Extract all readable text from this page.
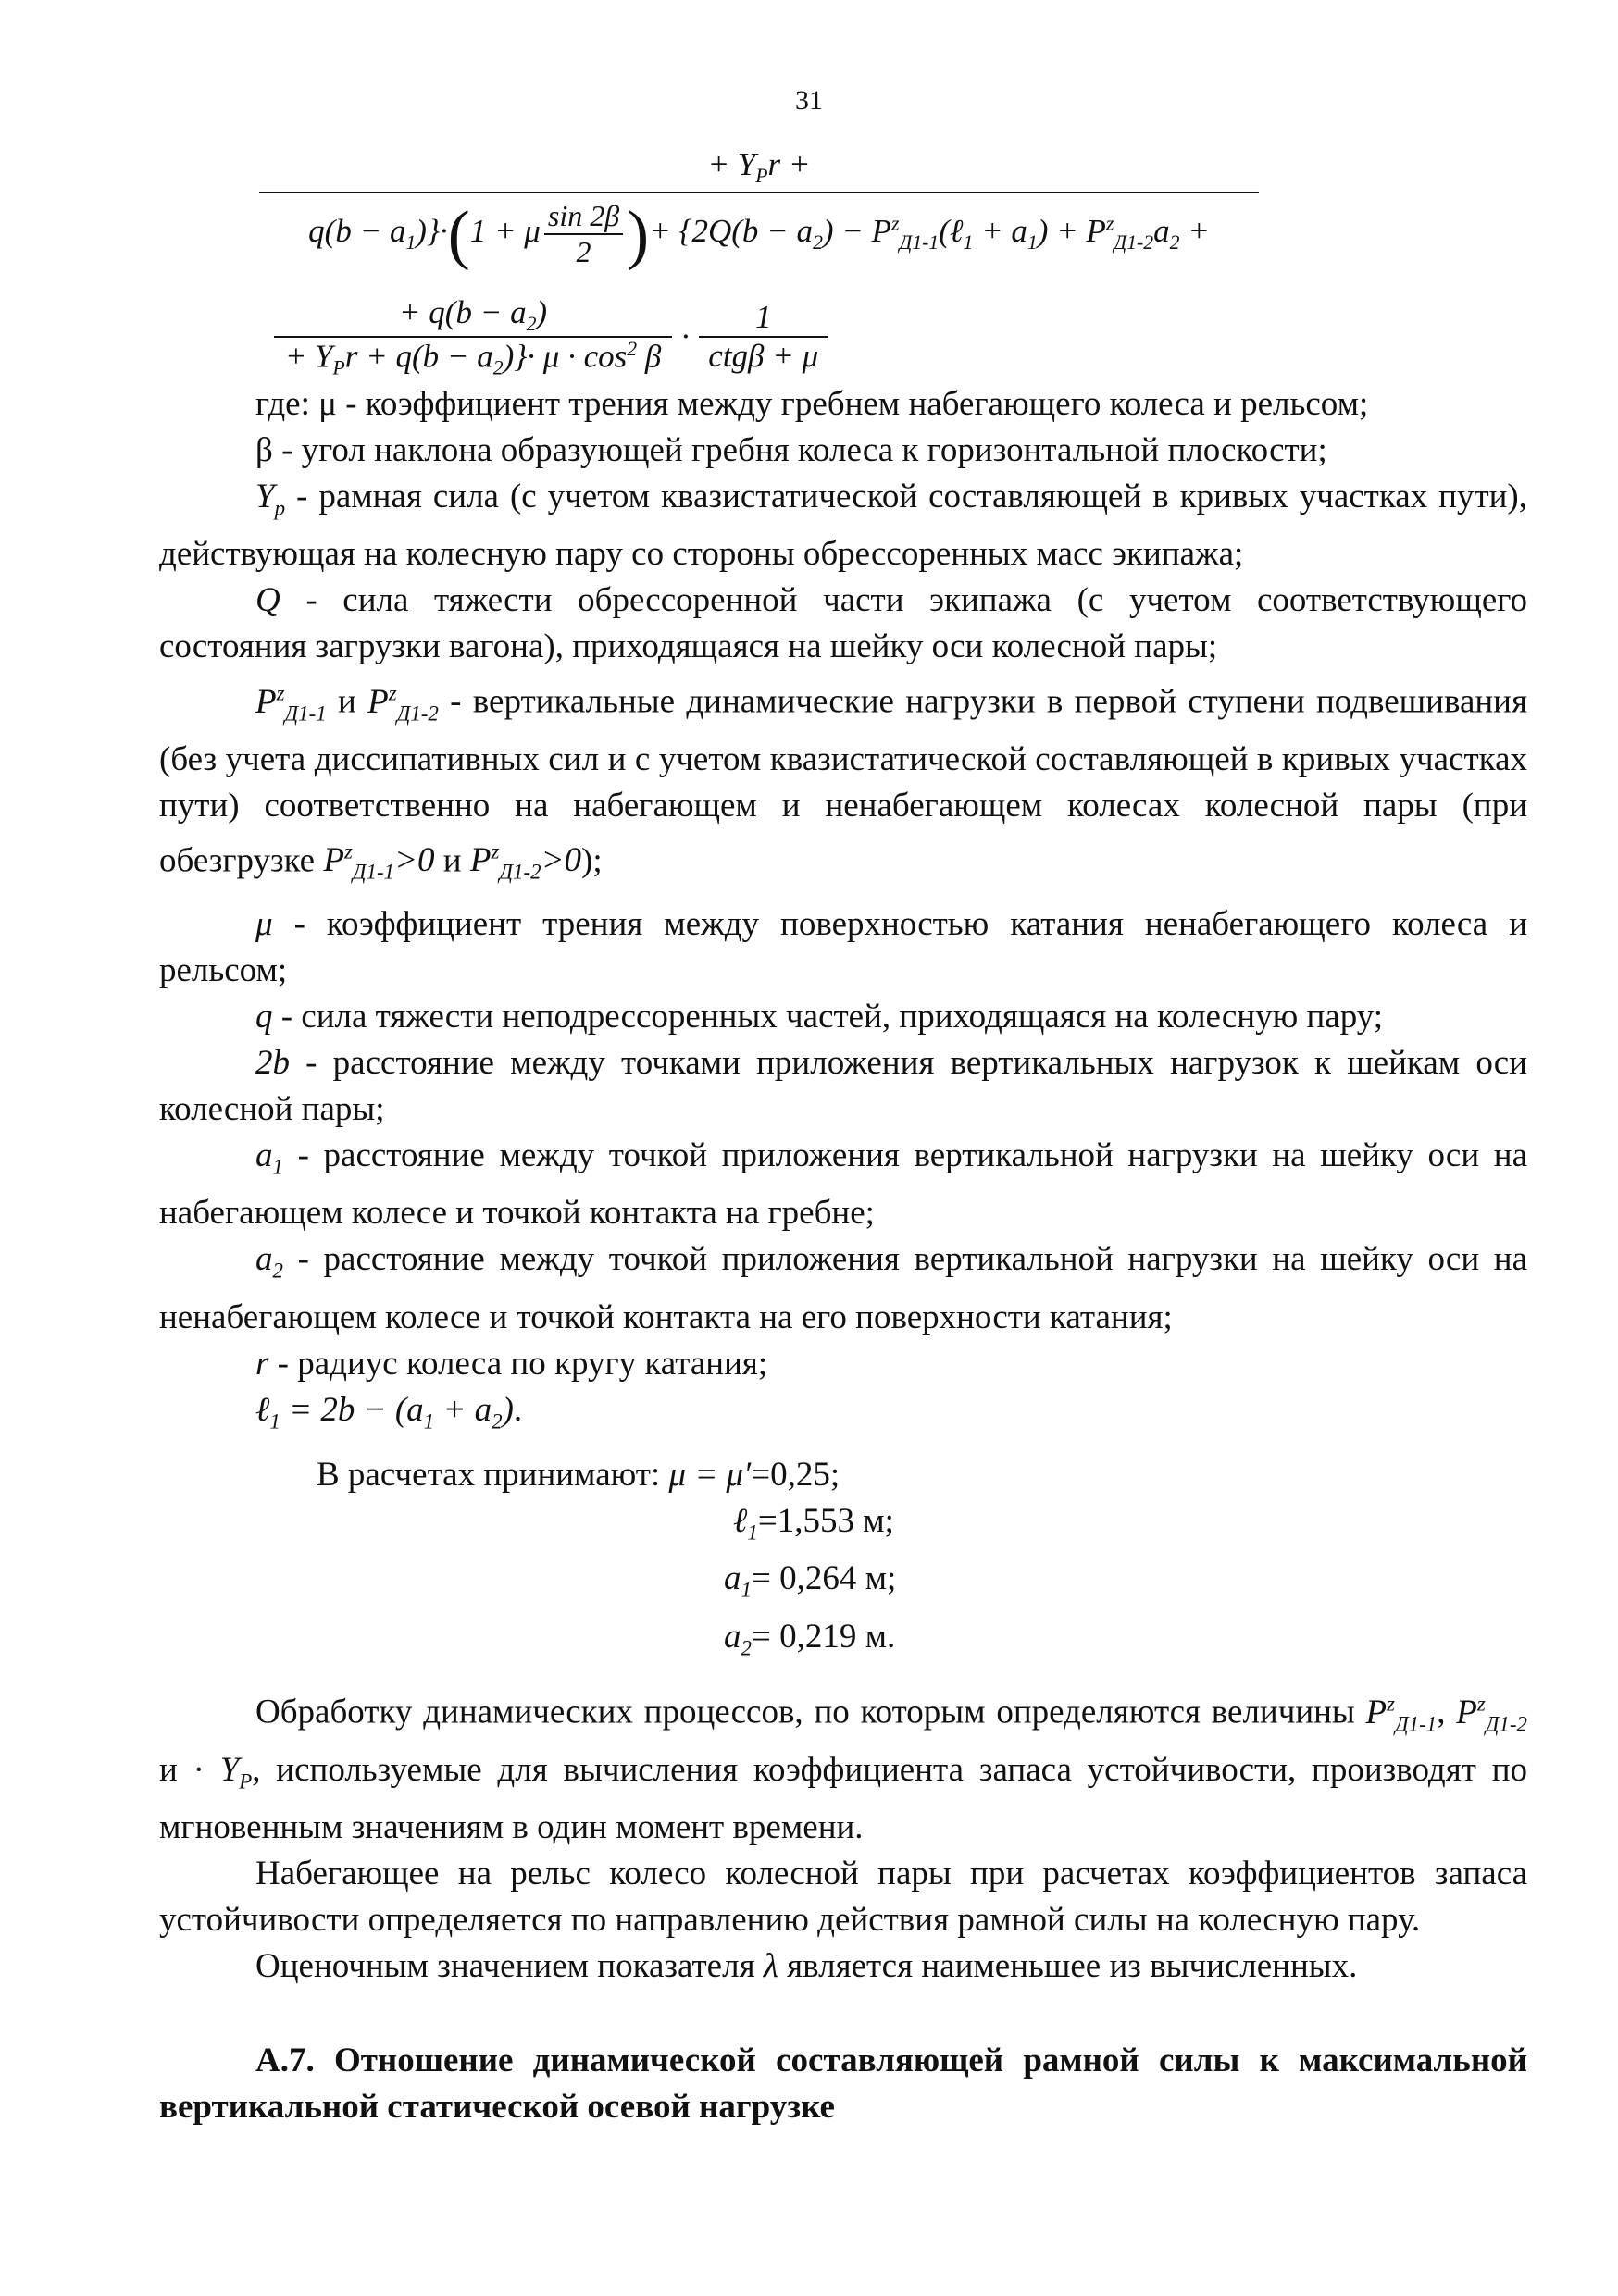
31
+ $Y_Pr$ +
$q(b - a_1)\}\cdot(1 + \mu \frac{\sin 2\beta}{2}$ )+ {$2Q(b - a_2)$ − $P^z_{Д1-1}(\ell_1 + a_1) + P^z_{Д1-2}a_2$ +
+ $q(b - a_2)$
+ $Y_Pr + q(b - a_2)\}\cdot \mu \cdot \cos^2 \beta$
·
1
ctgβ + μ

где: μ - коэффициент трения между гребнем набегающего колеса и рельсом;

β - угол наклона образующей гребня колеса к горизонтальной плоскости;

$Y_р$ - рамная сила (с учетом квазистатической составляющей в кривых участках пути), действующая на колесную пару со стороны обрессоренных масс экипажа;

Q - сила тяжести обрессоренной части экипажа (с учетом соответствующего состояния загрузки вагона), приходящаяся на шейку оси колесной пары;

$P^z_{Д1-1}$ и $P^z_{Д1-2}$ - вертикальные динамические нагрузки в первой ступени подвешивания (без учета диссипативных сил и с учетом квазистатической составляющей в кривых участках пути) соответственно на набегающем и ненабегающем колесах колесной пары (при обезгрузке $P^z_{Д1-1}>0$ и $P^z_{Д1-2}>0$);

μ - коэффициент трения между поверхностью катания ненабегающего колеса и рельсом;

q - сила тяжести неподрессоренных частей, приходящаяся на колесную пару;

2b - расстояние между точками приложения вертикальных нагрузок к шейкам оси колесной пары;

$a_1$ - расстояние между точкой приложения вертикальной нагрузки на шейку оси на набегающем колесе и точкой контакта на гребне;

$a_2$ - расстояние между точкой приложения вертикальной нагрузки на шейку оси на ненабегающем колесе и точкой контакта на его поверхности катания;

r - радиус колеса по кругу катания;

ℓ$_1$ = $2b - (a_1 + a_2)$.

В расчетах принимают: μ = μ′=0,25;

ℓ$_1$=1,553 м;

$a_1= 0,264$ м;

$a_2= 0,219$ м.

Обработку динамических процессов, по которым определяются величины $P^z_{Д1-1}$, $P^z_{Д1-2}$ $и \cdot Y_P$, используемые для вычисления коэффициента запаса устойчивости, производят по мгновенным значениям в один момент времени.

Набегающее на рельс колесо колесной пары при расчетах коэффициентов запаса устойчивости определяется по направлению действия рамной силы на колесную пару.

Оценочным значением показателя λ является наименьшее из вычисленных.

А.7. Отношение динамической составляющей рамной силы к максимальной вертикальной статической осевой нагрузке
